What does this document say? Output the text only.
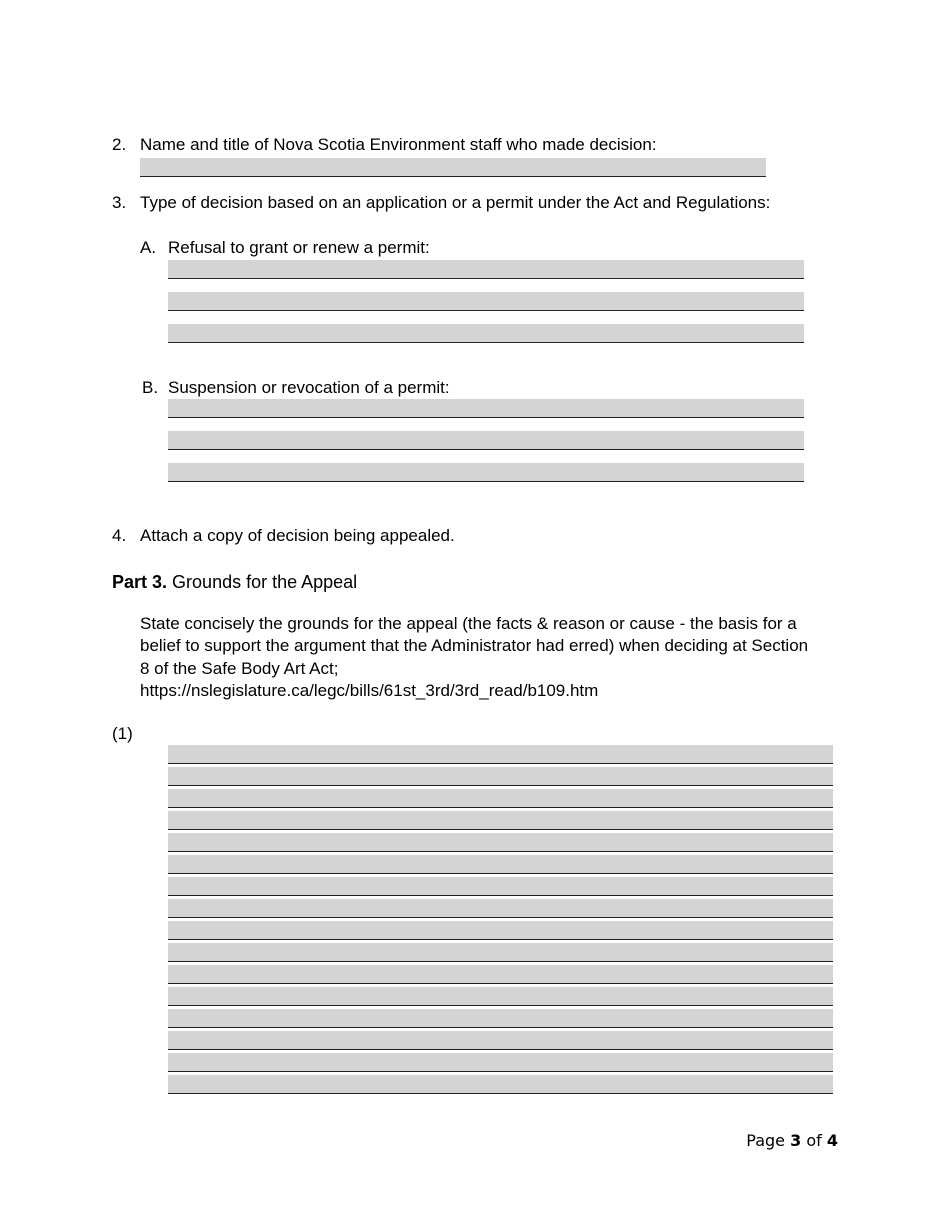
2. Name and title of Nova Scotia Environment staff who made decision:
3. Type of decision based on an application or a permit under the Act and Regulations:
A. Refusal to grant or renew a permit:
B. Suspension or revocation of a permit:
4. Attach a copy of decision being appealed.
Part 3. Grounds for the Appeal
State concisely the grounds for the appeal (the facts & reason or cause - the basis for a
belief to support the argument that the Administrator had erred) when deciding at Section
8 of the Safe Body Art Act;
https://nslegislature.ca/legc/bills/61st_3rd/3rd_read/b109.htm
(1)
Page 3 of 4
